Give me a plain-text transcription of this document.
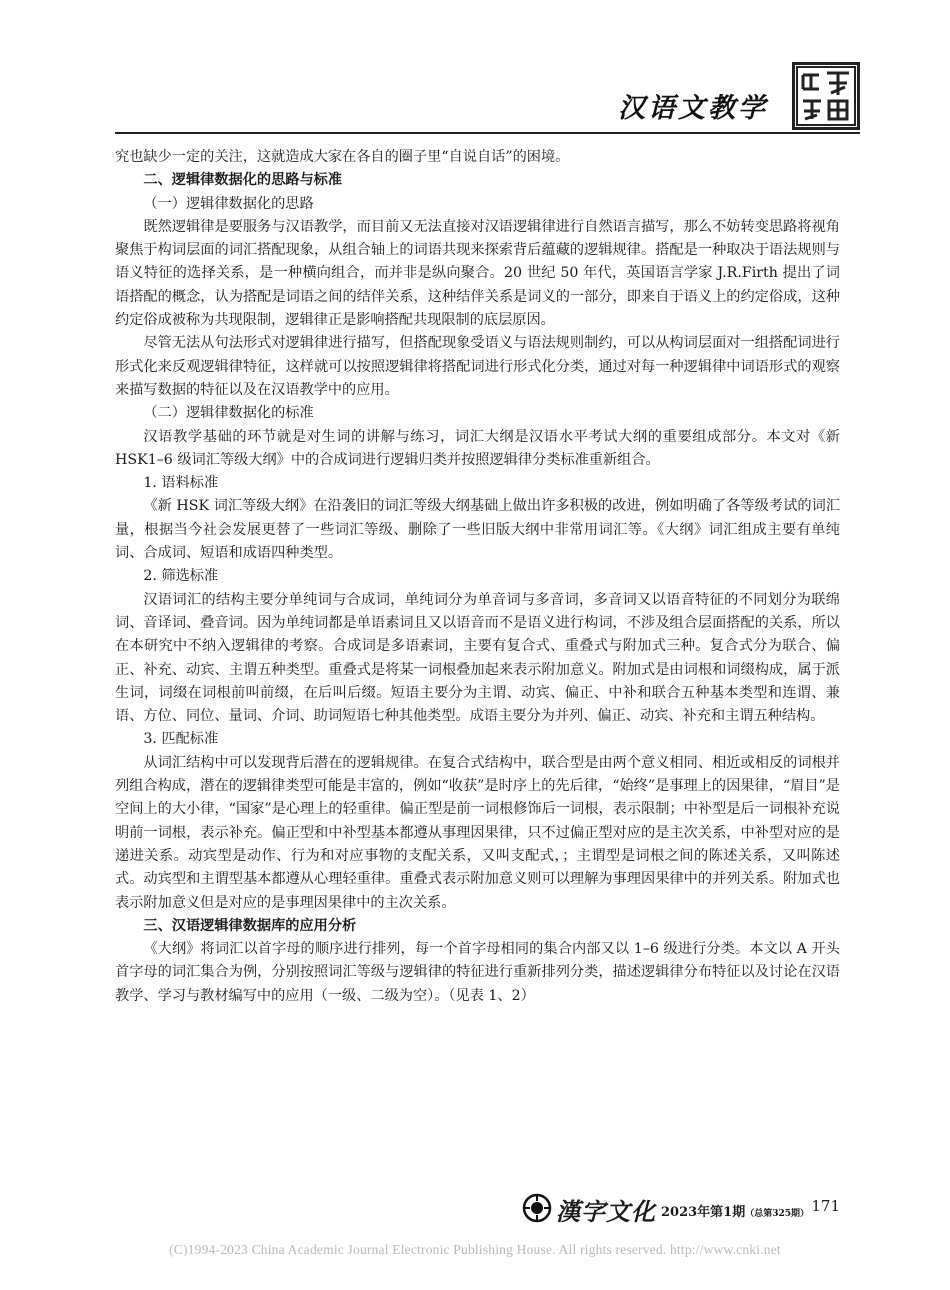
汉语文教学

究也缺少一定的关注，这就造成大家在各自的圈子里“自说自话”的困境。

二、逻辑律数据化的思路与标准

（一）逻辑律数据化的思路

既然逻辑律是要服务与汉语教学，而目前又无法直接对汉语逻辑律进行自然语言描写，那么不妨转变思路将视角聚焦于构词层面的词汇搭配现象，从组合轴上的词语共现来探索背后蕴藏的逻辑规律。搭配是一种取决于语法规则与语义特征的选择关系，是一种横向组合，而并非是纵向聚合。20 世纪 50 年代，英国语言学家 J.R.Firth 提出了词语搭配的概念，认为搭配是词语之间的结伴关系，这种结伴关系是词义的一部分，即来自于语义上的约定俗成，这种约定俗成被称为共现限制，逻辑律正是影响搭配共现限制的底层原因。

尽管无法从句法形式对逻辑律进行描写，但搭配现象受语义与语法规则制约，可以从构词层面对一组搭配词进行形式化来反观逻辑律特征，这样就可以按照逻辑律将搭配词进行形式化分类，通过对每一种逻辑律中词语形式的观察来描写数据的特征以及在汉语教学中的应用。

（二）逻辑律数据化的标准

汉语教学基础的环节就是对生词的讲解与练习，词汇大纲是汉语水平考试大纲的重要组成部分。本文对《新 HSK1–6 级词汇等级大纲》中的合成词进行逻辑归类并按照逻辑律分类标准重新组合。

1. 语料标准

《新 HSK 词汇等级大纲》在沿袭旧的词汇等级大纲基础上做出许多积极的改进，例如明确了各等级考试的词汇量，根据当今社会发展更替了一些词汇等级、删除了一些旧版大纲中非常用词汇等。《大纲》词汇组成主要有单纯词、合成词、短语和成语四种类型。

2. 筛选标准

汉语词汇的结构主要分单纯词与合成词，单纯词分为单音词与多音词，多音词又以语音特征的不同划分为联绵词、音译词、叠音词。因为单纯词都是单语素词且又以语音而不是语义进行构词，不涉及组合层面搭配的关系，所以在本研究中不纳入逻辑律的考察。合成词是多语素词，主要有复合式、重叠式与附加式三种。复合式分为联合、偏正、补充、动宾、主谓五种类型。重叠式是将某一词根叠加起来表示附加意义。附加式是由词根和词缀构成，属于派生词，词缀在词根前叫前缀，在后叫后缀。短语主要分为主谓、动宾、偏正、中补和联合五种基本类型和连谓、兼语、方位、同位、量词、介词、助词短语七种其他类型。成语主要分为并列、偏正、动宾、补充和主谓五种结构。

3. 匹配标准

从词汇结构中可以发现背后潜在的逻辑规律。在复合式结构中，联合型是由两个意义相同、相近或相反的词根并列组合构成，潜在的逻辑律类型可能是丰富的，例如“收获”是时序上的先后律，“始终”是事理上的因果律，“眉目”是空间上的大小律，“国家”是心理上的轻重律。偏正型是前一词根修饰后一词根，表示限制；中补型是后一词根补充说明前一词根，表示补充。偏正型和中补型基本都遵从事理因果律，只不过偏正型对应的是主次关系，中补型对应的是递进关系。动宾型是动作、行为和对应事物的支配关系，又叫支配式，；主谓型是词根之间的陈述关系，又叫陈述式。动宾型和主谓型基本都遵从心理轻重律。重叠式表示附加意义则可以理解为事理因果律中的并列关系。附加式也表示附加意义但是对应的是事理因果律中的主次关系。

三、汉语逻辑律数据库的应用分析

《大纲》将词汇以首字母的顺序进行排列，每一个首字母相同的集合内部又以 1–6 级进行分类。本文以 A 开头首字母的词汇集合为例，分别按照词汇等级与逻辑律的特征进行重新排列分类，描述逻辑律分布特征以及讨论在汉语教学、学习与教材编写中的应用（一级、二级为空）。（见表 1、2）

漢字文化 2023年第1期（总第325期） 171
(C)1994-2023 China Academic Journal Electronic Publishing House. All rights reserved. http://www.cnki.net
